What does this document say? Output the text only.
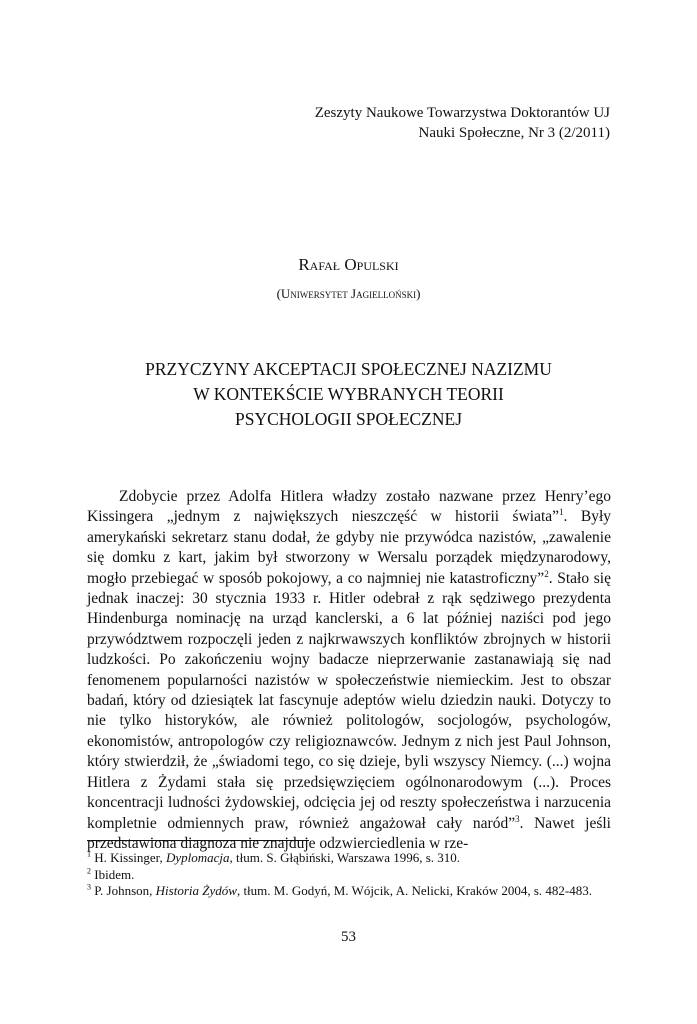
Zeszyty Naukowe Towarzystwa Doktorantów UJ
Nauki Społeczne, Nr 3 (2/2011)
Rafał Opulski
(Uniwersytet Jagielloński)
PRZYCZYNY AKCEPTACJI SPOŁECZNEJ NAZIZMU
W KONTEKŚCIE WYBRANYCH TEORII
PSYCHOLOGII SPOŁECZNEJ

Zdobycie przez Adolfa Hitlera władzy zostało nazwane przez Henry’ego Kissingera „jednym z największych nieszczęść w historii świata”$^1$. Były amerykański sekretarz stanu dodał, że gdyby nie przywódca nazistów, „zawalenie się domku z kart, jakim był stworzony w Wersalu porządek międzynarodowy, mogło przebiegać w sposób pokojowy, a co najmniej nie katastroficzny”$^2$. Stało się jednak inaczej: 30 stycznia 1933 r. Hitler odebrał z rąk sędziwego prezydenta Hindenburga nominację na urząd kanclerski, a 6 lat później naziści pod jego przywództwem rozpoczęli jeden z najkrwawszych konfliktów zbrojnych w historii ludzkości. Po zakończeniu wojny badacze nieprzerwanie zastanawiają się nad fenomenem popularności nazistów w społeczeństwie niemieckim. Jest to obszar badań, który od dziesiątek lat fascynuje adeptów wielu dziedzin nauki. Dotyczy to nie tylko historyków, ale również politologów, socjologów, psychologów, ekonomistów, antropologów czy religioznawców. Jednym z nich jest Paul Johnson, który stwierdził, że „świadomi tego, co się dzieje, byli wszyscy Niemcy. (...) wojna Hitlera z Żydami stała się przedsięwzięciem ogólnonarodowym (...). Proces koncentracji ludności żydowskiej, odcięcia jej od reszty społeczeństwa i narzucenia kompletnie odmiennych praw, również angażował cały naród”$^3$. Nawet jeśli przedstawiona diagnoza nie znajduje odzwierciedlenia w rze-

$^1$ H. Kissinger, Dyplomacja, tłum. S. Głąbiński, Warszawa 1996, s. 310.
$^2$ Ibidem.
$^3$ P. Johnson, Historia Żydów, tłum. M. Godyń, M. Wójcik, A. Nelicki, Kraków 2004, s. 482-483.
53
